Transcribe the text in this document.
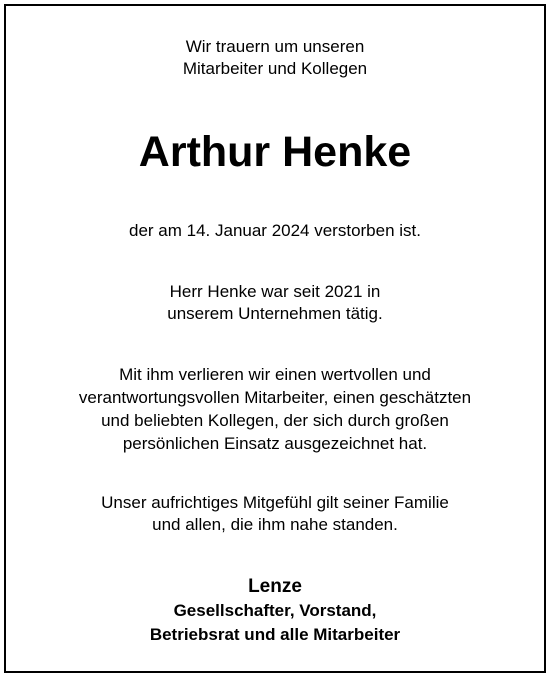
Wir trauern um unseren
Mitarbeiter und Kollegen
Arthur Henke
der am 14. Januar 2024 verstorben ist.
Herr Henke war seit 2021 in
unserem Unternehmen tätig.
Mit ihm verlieren wir einen wertvollen und
verantwortungsvollen Mitarbeiter, einen geschätzten
und beliebten Kollegen, der sich durch großen
persönlichen Einsatz ausgezeichnet hat.
Unser aufrichtiges Mitgefühl gilt seiner Familie
und allen, die ihm nahe standen.
Lenze
Gesellschafter, Vorstand,
Betriebsrat und alle Mitarbeiter
